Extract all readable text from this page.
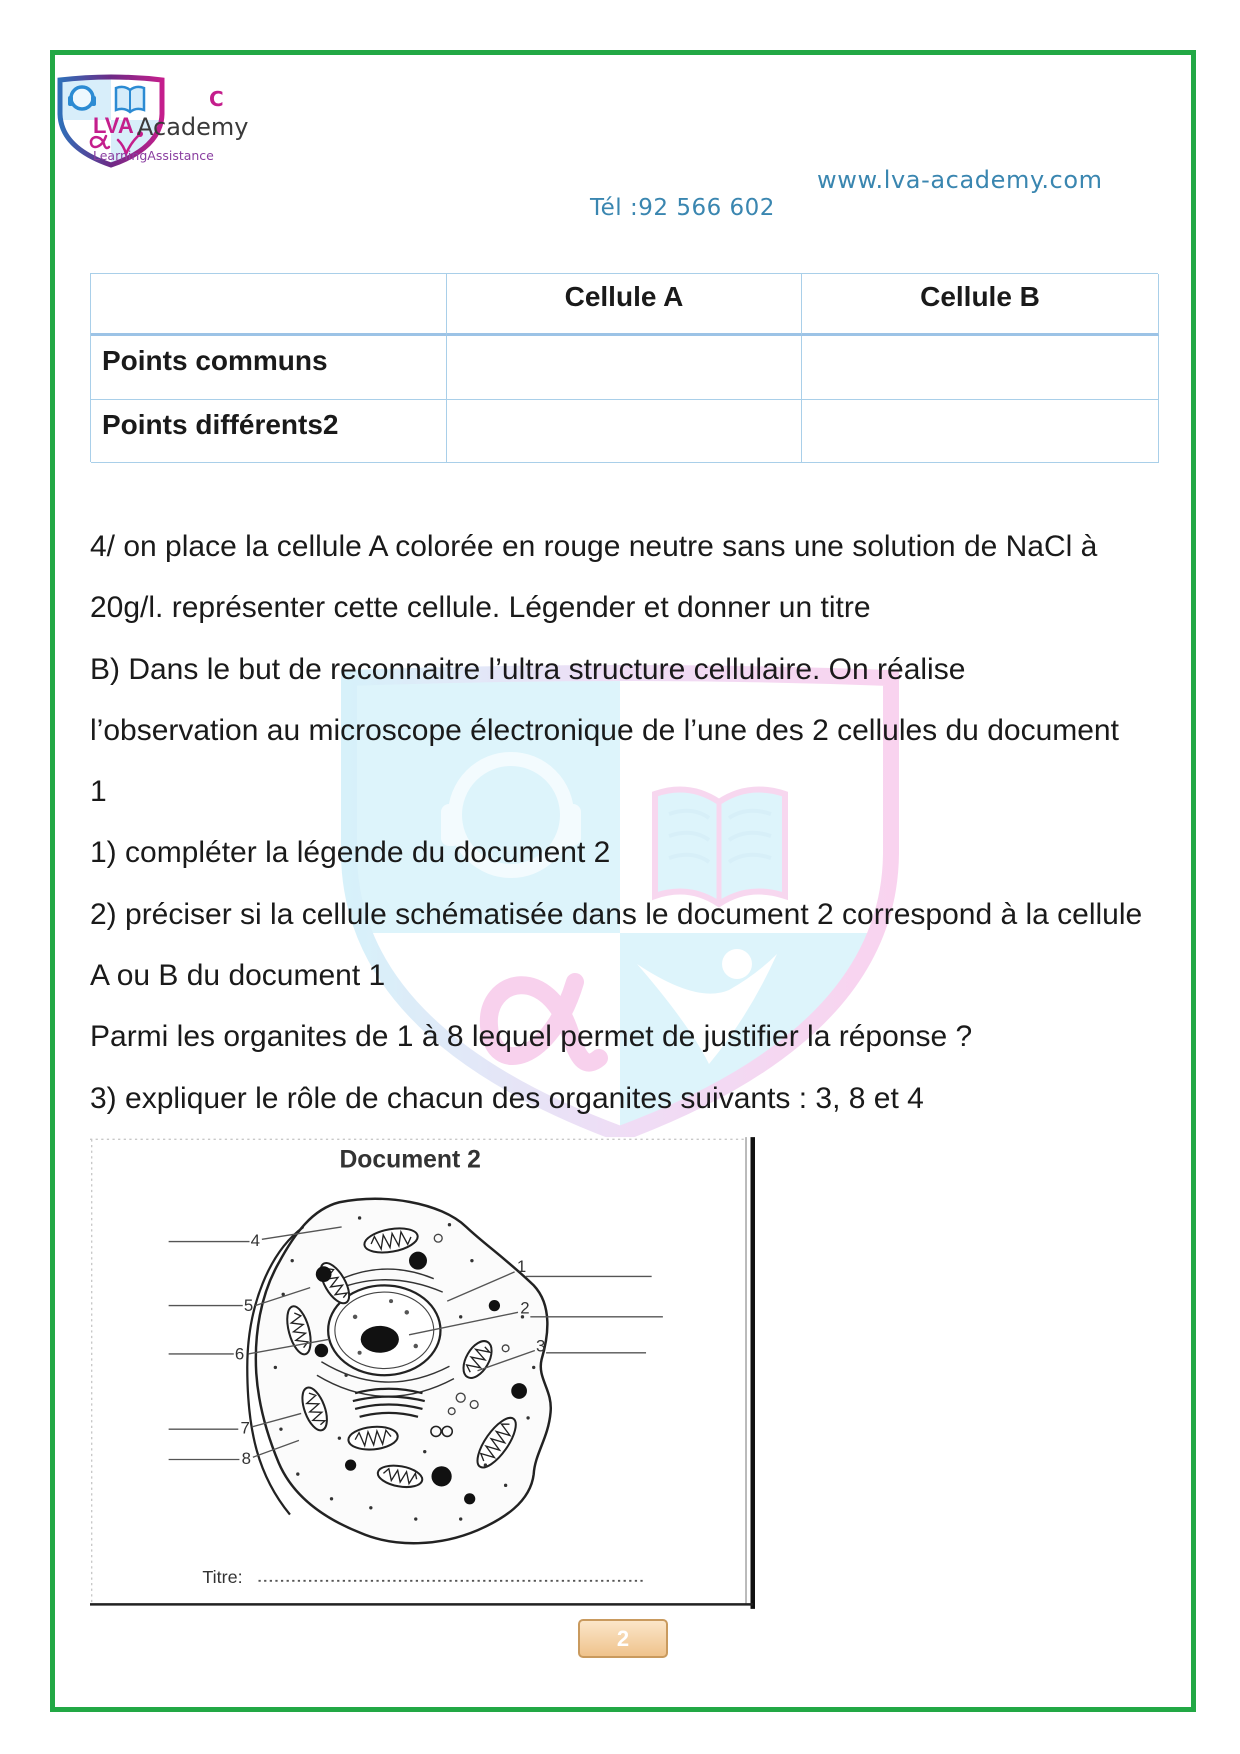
LVA
C
Academy
LearningAssistance
www.lva-academy.com
Tél :92 566 602
Cellule A	Cellule B
Points communs
Points différents2
4/ on place la cellule A colorée en rouge neutre sans une solution de NaCl à
20g/l. représenter cette cellule. Légender et donner un titre
B) Dans le but de reconnaitre l’ultra structure cellulaire. On réalise
l’observation au microscope électronique de l’une des 2 cellules du document
1
1) compléter la légende du document 2
2) préciser si la cellule schématisée dans le document 2 correspond à la cellule
A ou B du document 1
Parmi les organites de 1 à 8 lequel permet de justifier la réponse ?
3) expliquer le rôle de chacun des organites suivants : 3, 8 et 4
Document 2
1
2
3
4
5
6
7
8
Titre:
2
